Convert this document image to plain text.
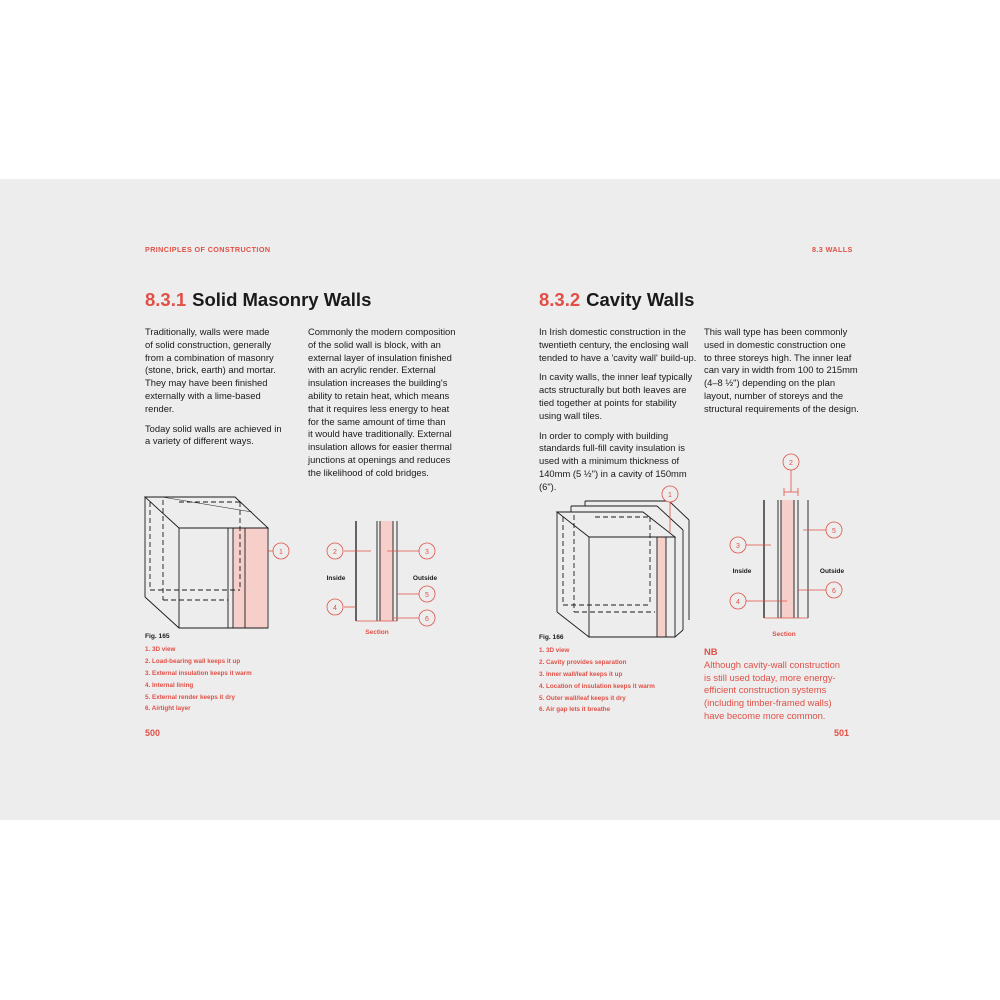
PRINCIPLES OF CONSTRUCTION
8.3.1 Solid Masonry Walls

Traditionally, walls were made
of solid construction, generally
from a combination of masonry
(stone, brick, earth) and mortar.
They may have been finished
externally with a lime-based
render.

Today solid walls are achieved in
a variety of different ways.

Commonly the modern composition
of the solid wall is block, with an
external layer of insulation finished
with an acrylic render. External
insulation increases the building's
ability to retain heat, which means
that it requires less energy to heat
for the same amount of time than
it would have traditionally. External
insulation allows for easier thermal
junctions at openings and reduces
the likelihood of cold bridges.

Fig. 165
1. 3D view
2. Load-bearing wall keeps it up
3. External insulation keeps it warm
4. Internal lining
5. External render keeps it dry
6. Airtight layer
500
8.3 WALLS
8.3.2 Cavity Walls

In Irish domestic construction in the
twentieth century, the enclosing wall
tended to have a 'cavity wall' build-up.

In cavity walls, the inner leaf typically
acts structurally but both leaves are
tied together at points for stability
using wall tiles.

In order to comply with building
standards full-fill cavity insulation is
used with a minimum thickness of
140mm (5 ½") in a cavity of 150mm (6").

This wall type has been commonly
used in domestic construction one
to three storeys high. The inner leaf
can vary in width from 100 to 215mm
(4–8 ½") depending on the plan
layout, number of storeys and the
structural requirements of the design.

Fig. 166
1. 3D view
2. Cavity provides separation
3. Inner wall/leaf keeps it up
4. Location of insulation keeps it warm
5. Outer wall/leaf keeps it dry
6. Air gap lets it breathe
NB
Although cavity-wall construction
is still used today, more energy-
efficient construction systems
(including timber-framed walls)
have become more common.
501
1	2
4
3
5
6
Inside	Outside
Section
1
2
3
4
5
6
Inside	Outside
Section
